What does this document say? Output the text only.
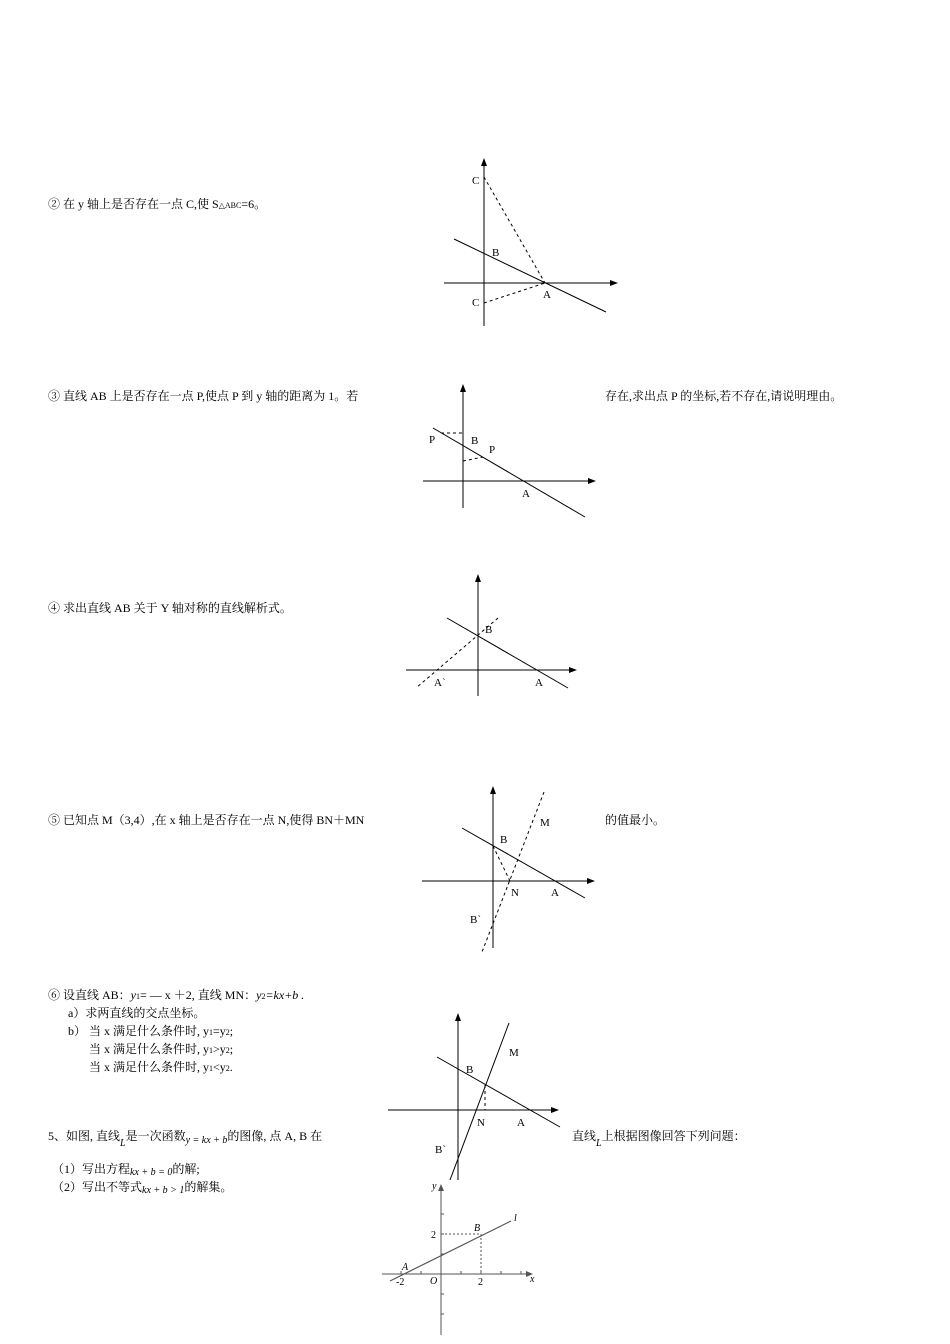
② 在 y 轴上是否存在一点 C,使 S△ABC=6。
C
B
A
C
③ 直线 AB 上是否存在一点 P,使点 P 到 y 轴的距离为 1。若	存在,求出点 P 的坐标,若不存在,请说明理由。
P	B
P
A
④ 求出直线 AB 关于 Y 轴对称的直线解析式。
B
A`	A
⑤ 已知点 M（3,4）,在 x 轴上是否存在一点 N,使得 BN＋MN	的值最小。
M
B
N	A
B`
⑥ 设直线 AB：y1= — x ＋2, 直线 MN：y2=kx+b .
a）求两直线的交点坐标。
b） 当 x 满足什么条件时, y1=y2;
当 x 满足什么条件时, y1>y2;
当 x 满足什么条件时, y1<y2.
M
B
N	A
B`
5、如图, 直线$_L$是一次函数$_{y = kx + b}$的图像, 点 A, B 在	直线$_L$上根据图像回答下列问题：
（1）写出方程kx + b = 0的解;
（2）写出不等式kx + b > 1的解集。	y
l
2
B
A
-2	O	2	x
